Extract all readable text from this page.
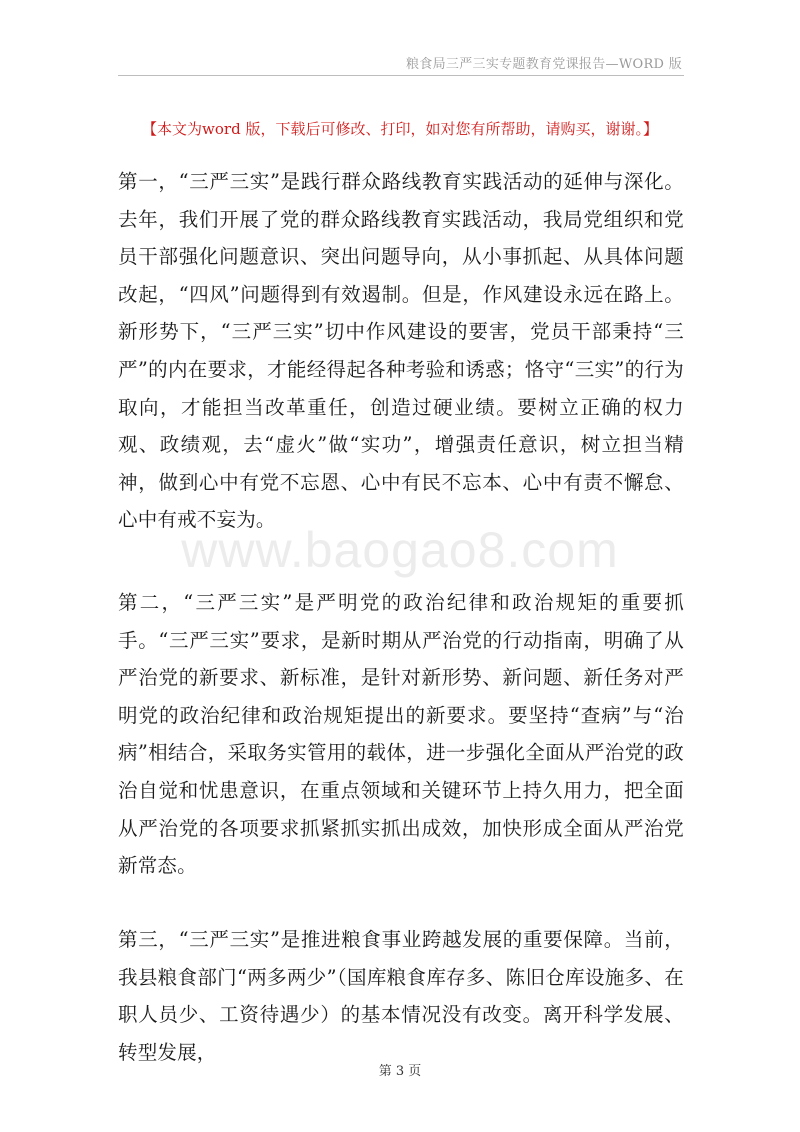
粮食局三严三实专题教育党课报告—WORD 版
【本文为word 版，下载后可修改、打印，如对您有所帮助，请购买，谢谢。】
第一，“三严三实”是践行群众路线教育实践活动的延伸与深化。去年，我们开展了党的群众路线教育实践活动，我局党组织和党员干部强化问题意识、突出问题导向，从小事抓起、从具体问题改起，“四风”问题得到有效遏制。但是，作风建设永远在路上。新形势下，“三严三实”切中作风建设的要害，党员干部秉持“三严”的内在要求，才能经得起各种考验和诱惑；恪守“三实”的行为取向，才能担当改革重任，创造过硬业绩。要树立正确的权力观、政绩观，去“虚火”做“实功”，增强责任意识，树立担当精神，做到心中有党不忘恩、心中有民不忘本、心中有责不懈怠、心中有戒不妄为。
www.baogao8.com
第二，“三严三实”是严明党的政治纪律和政治规矩的重要抓手。“三严三实”要求，是新时期从严治党的行动指南，明确了从严治党的新要求、新标准，是针对新形势、新问题、新任务对严明党的政治纪律和政治规矩提出的新要求。要坚持“查病”与“治病”相结合，采取务实管用的载体，进一步强化全面从严治党的政治自觉和忧患意识，在重点领域和关键环节上持久用力，把全面从严治党的各项要求抓紧抓实抓出成效，加快形成全面从严治党新常态。
第三，“三严三实”是推进粮食事业跨越发展的重要保障。当前，我县粮食部门“两多两少”（国库粮食库存多、陈旧仓库设施多、在职人员少、工资待遇少）的基本情况没有改变。离开科学发展、转型发展，
第 3 页
